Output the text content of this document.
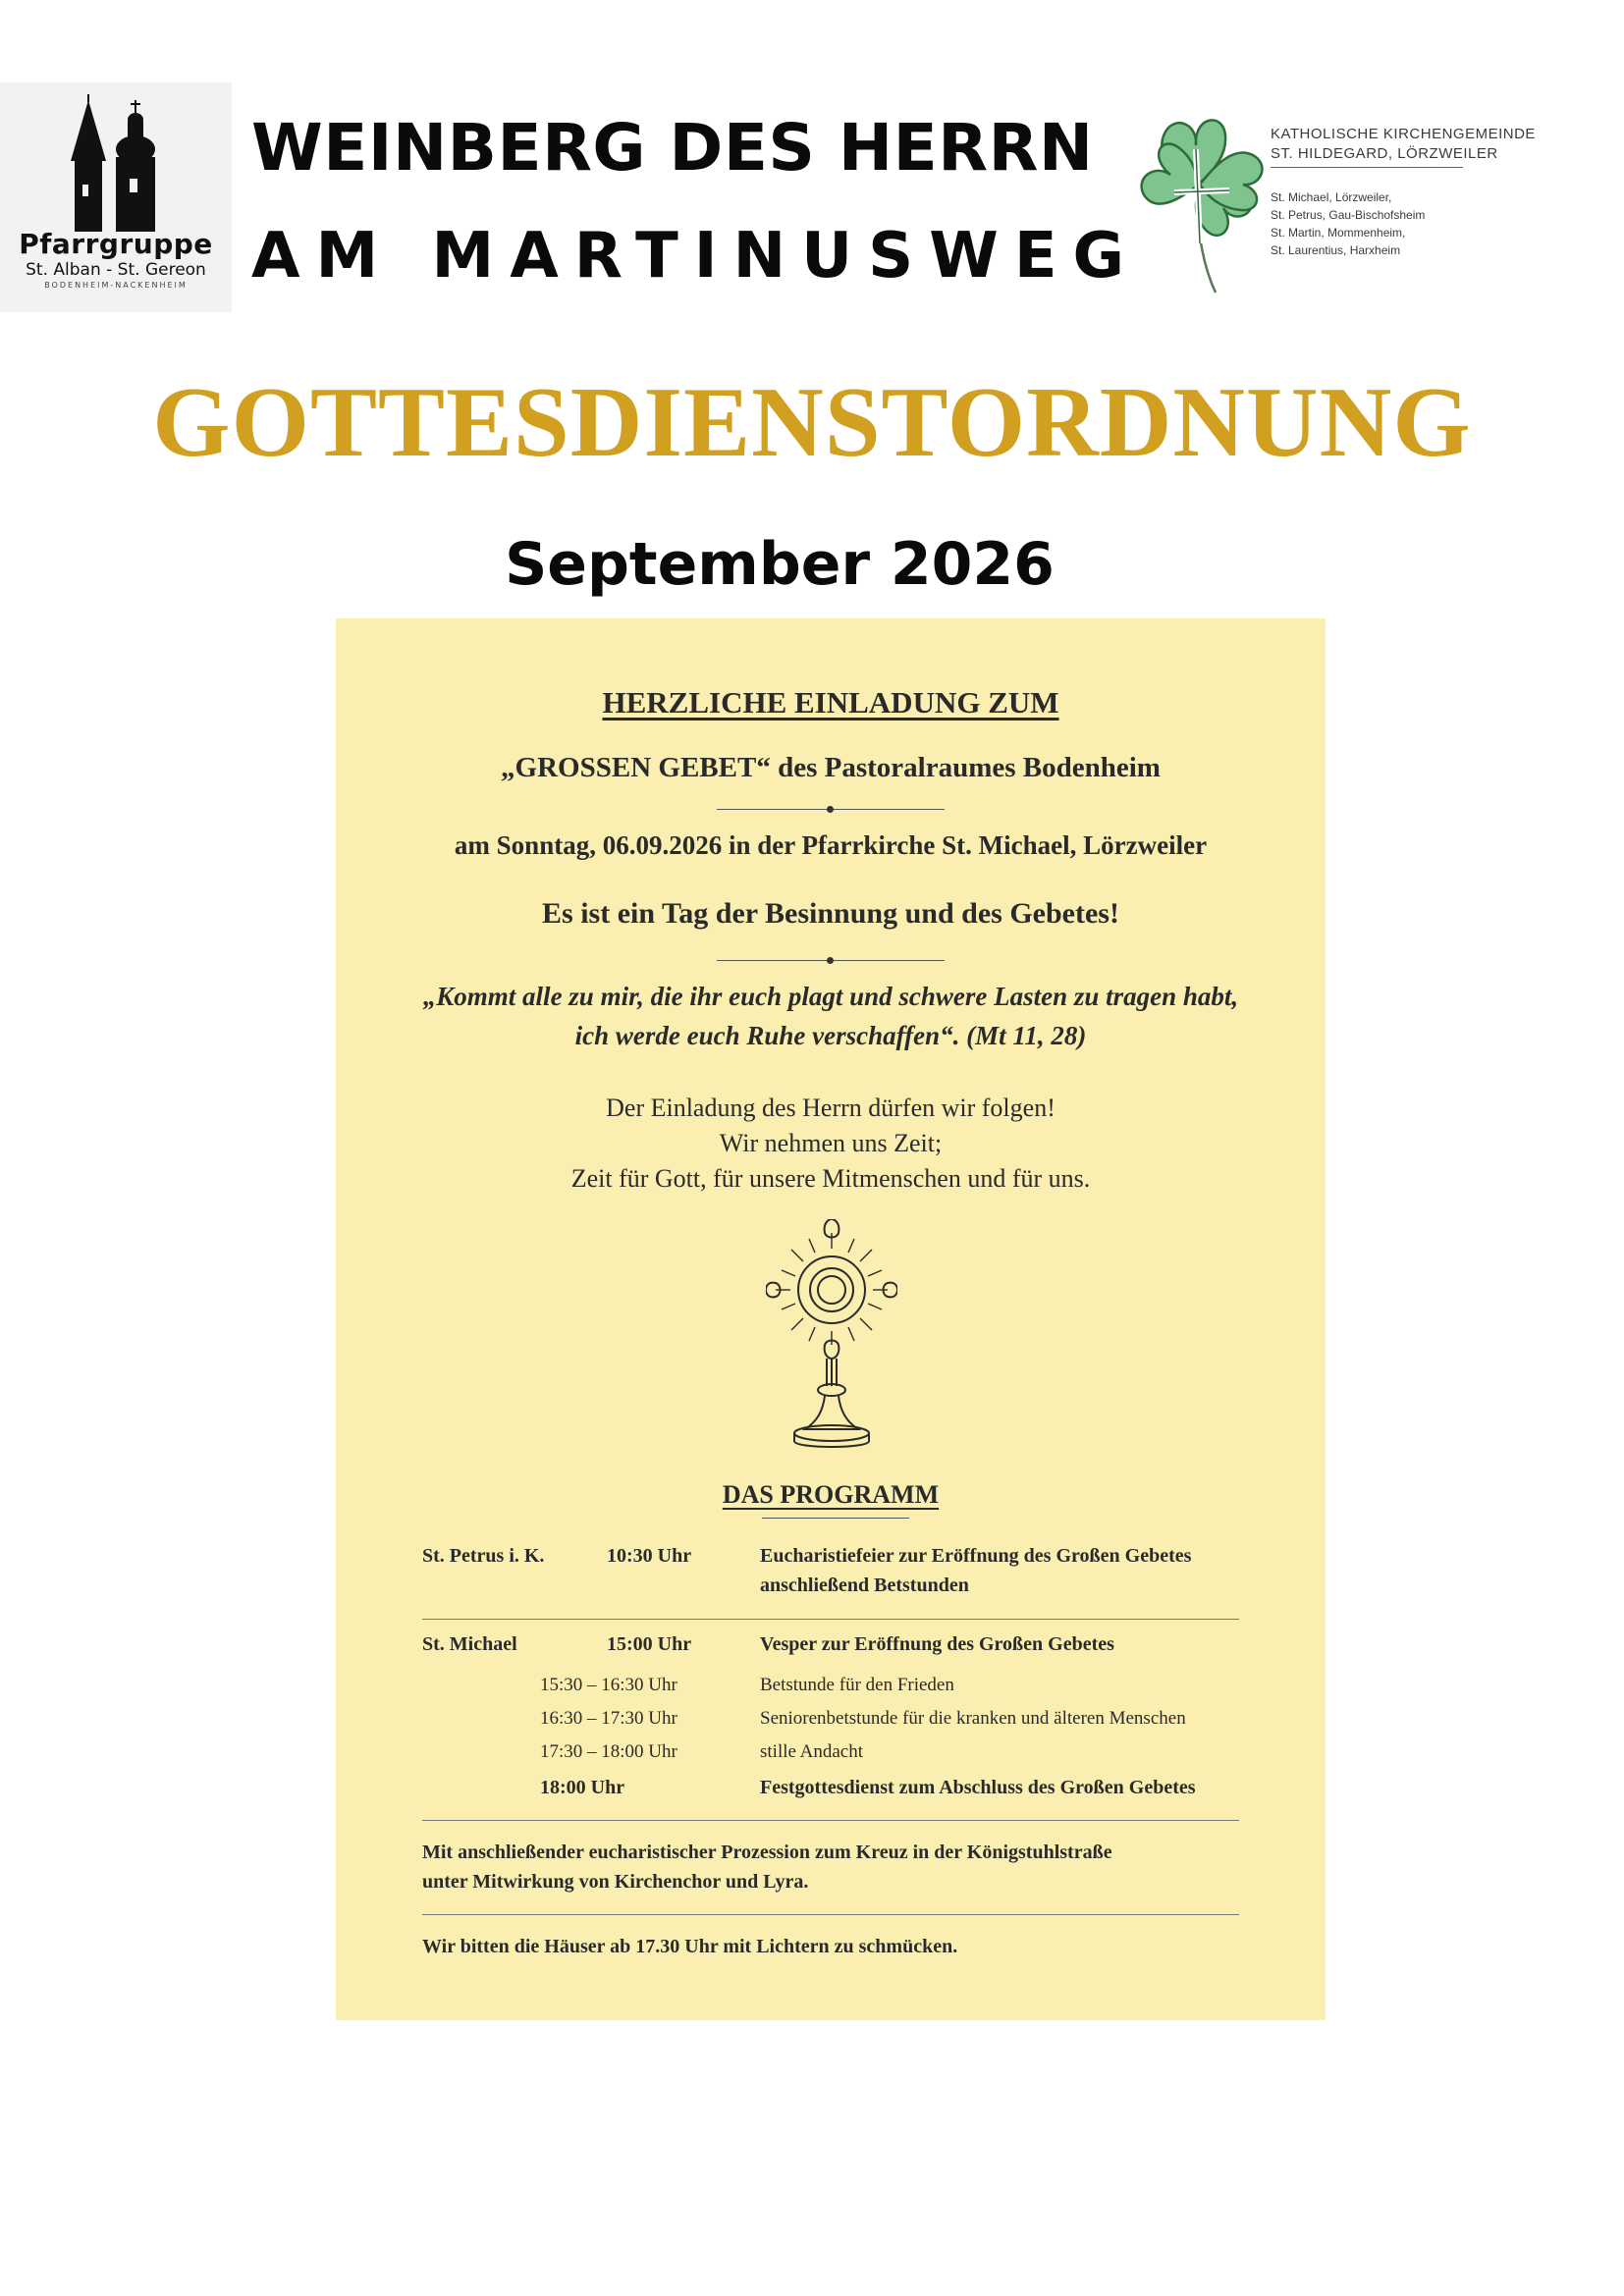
Pfarrgruppe
St. Alban - St. Gereon
BODENHEIM-NACKENHEIM
WEINBERG DES HERRN
AM MARTINUSWEG
KATHOLISCHE KIRCHENGEMEINDE
ST. HILDEGARD, LÖRZWEILER
St. Michael, Lörzweiler,
St. Petrus, Gau-Bischofsheim
St. Martin, Mommenheim,
St. Laurentius, Harxheim
GOTTESDIENSTORDNUNG
September 2026
HERZLICHE EINLADUNG ZUM
„GROSSEN GEBET“ des Pastoralraumes Bodenheim
am Sonntag, 06.09.2026 in der Pfarrkirche St. Michael, Lörzweiler
Es ist ein Tag der Besinnung und des Gebetes!
„Kommt alle zu mir, die ihr euch plagt und schwere Lasten zu tragen habt,
ich werde euch Ruhe verschaffen“. (Mt 11, 28)
Der Einladung des Herrn dürfen wir folgen!
Wir nehmen uns Zeit;
Zeit für Gott, für unsere Mitmenschen und für uns.
DAS PROGRAMM
St. Petrus i. K.	10:30 Uhr	Eucharistiefeier zur Eröffnung des Großen Gebetes
anschließend Betstunden
St. Michael	15:00 Uhr	Vesper zur Eröffnung des Großen Gebetes
15:30 – 16:30 Uhr	Betstunde für den Frieden
16:30 – 17:30 Uhr	Seniorenbetstunde für die kranken und älteren Menschen
17:30 – 18:00 Uhr	stille Andacht
18:00 Uhr	Festgottesdienst zum Abschluss des Großen Gebetes
Mit anschließender eucharistischer Prozession zum Kreuz in der Königstuhlstraße
unter Mitwirkung von Kirchenchor und Lyra.
Wir bitten die Häuser ab 17.30 Uhr mit Lichtern zu schmücken.
